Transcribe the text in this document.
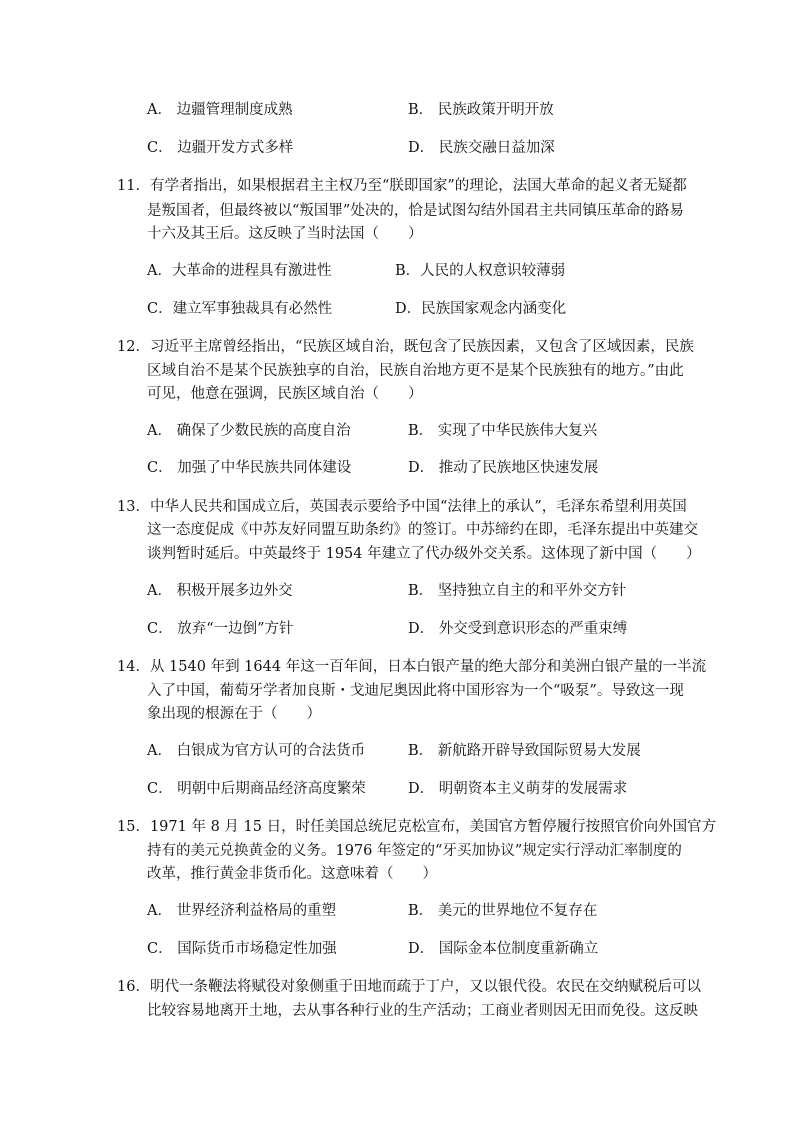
A． 边疆管理制度成熟	B． 民族政策开明开放
C． 边疆开发方式多样	D． 民族交融日益加深
11．有学者指出，如果根据君主主权乃至“朕即国家”的理论，法国大革命的起义者无疑都
是叛国者，但最终被以“叛国罪”处决的，恰是试图勾结外国君主共同镇压革命的路易
十六及其王后。这反映了当时法国（　　）
A．大革命的进程具有激进性	B．人民的人权意识较薄弱
C．建立军事独裁具有必然性	D．民族国家观念内涵变化
12．习近平主席曾经指出，“民族区域自治，既包含了民族因素，又包含了区域因素，民族
区域自治不是某个民族独享的自治，民族自治地方更不是某个民族独有的地方。”由此
可见，他意在强调，民族区域自治（　　）
A． 确保了少数民族的高度自治	B． 实现了中华民族伟大复兴
C． 加强了中华民族共同体建设	D． 推动了民族地区快速发展
13．中华人民共和国成立后，英国表示要给予中国“法律上的承认”，毛泽东希望利用英国
这一态度促成《中苏友好同盟互助条约》的签订。中苏缔约在即，毛泽东提出中英建交
谈判暂时延后。中英最终于 1954 年建立了代办级外交关系。这体现了新中国（　　）
A． 积极开展多边外交	B． 坚持独立自主的和平外交方针
C． 放弃“一边倒”方针	D． 外交受到意识形态的严重束缚
14．从 1540 年到 1644 年这一百年间，日本白银产量的绝大部分和美洲白银产量的一半流
入了中国，葡萄牙学者加良斯・戈迪尼奥因此将中国形容为一个“吸泵”。导致这一现
象出现的根源在于（　　）
A． 白银成为官方认可的合法货币	B． 新航路开辟导致国际贸易大发展
C． 明朝中后期商品经济高度繁荣	D． 明朝资本主义萌芽的发展需求
15．1971 年 8 月 15 日，时任美国总统尼克松宣布，美国官方暂停履行按照官价向外国官方
持有的美元兑换黄金的义务。1976 年签定的“牙买加协议”规定实行浮动汇率制度的
改革，推行黄金非货币化。这意味着（　　）
A． 世界经济利益格局的重塑	B． 美元的世界地位不复存在
C． 国际货币市场稳定性加强	D． 国际金本位制度重新确立
16．明代一条鞭法将赋役对象侧重于田地而疏于丁户，又以银代役。农民在交纳赋税后可以
比较容易地离开土地，去从事各种行业的生产活动；工商业者则因无田而免役。这反映
